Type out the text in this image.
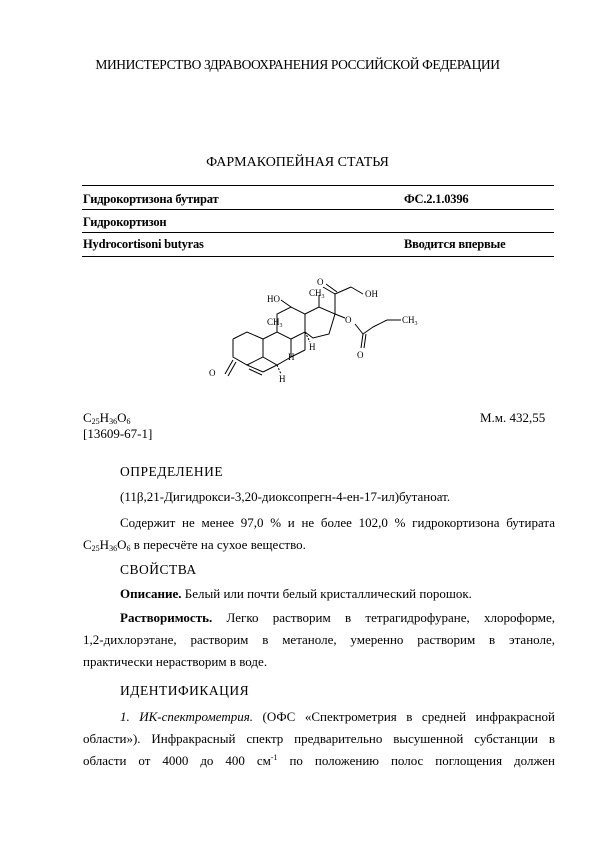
МИНИСТЕРСТВО ЗДРАВООХРАНЕНИЯ РОССИЙСКОЙ ФЕДЕРАЦИИ
ФАРМАКОПЕЙНАЯ СТАТЬЯ
Гидрокортизона бутират	ФС.2.1.0396
Гидрокортизон
Hydrocortisoni butyras	Вводится впервые
O
HO
$CH_3$
$CH_3$
O
OH
O
O
$CH_3$
H
H
H
$C_{25}H_{36}O_6$
[13609-67-1]
М.м. 432,55
ОПРЕДЕЛЕНИЕ
(11β,21-Дигидрокси-3,20-диоксопрегн-4-ен-17-ил)бутаноат.
Содержит не менее 97,0 % и не более 102,0 % гидрокортизона бутирата
$C_{25}H_{36}O_6$ в пересчёте на сухое вещество.
СВОЙСТВА
Описание. Белый или почти белый кристаллический порошок.
Растворимость. Легко растворим в тетрагидрофуране, хлороформе,
1,2-дихлорэтане, растворим в метаноле, умеренно растворим в этаноле,
практически нерастворим в воде.
ИДЕНТИФИКАЦИЯ
1. ИК-спектрометрия. (ОФС «Спектрометрия в средней инфракрасной
области»). Инфракрасный спектр предварительно высушенной субстанции в
области от 4000 до 400 $см^{-1}$ по положению полос поглощения должен
